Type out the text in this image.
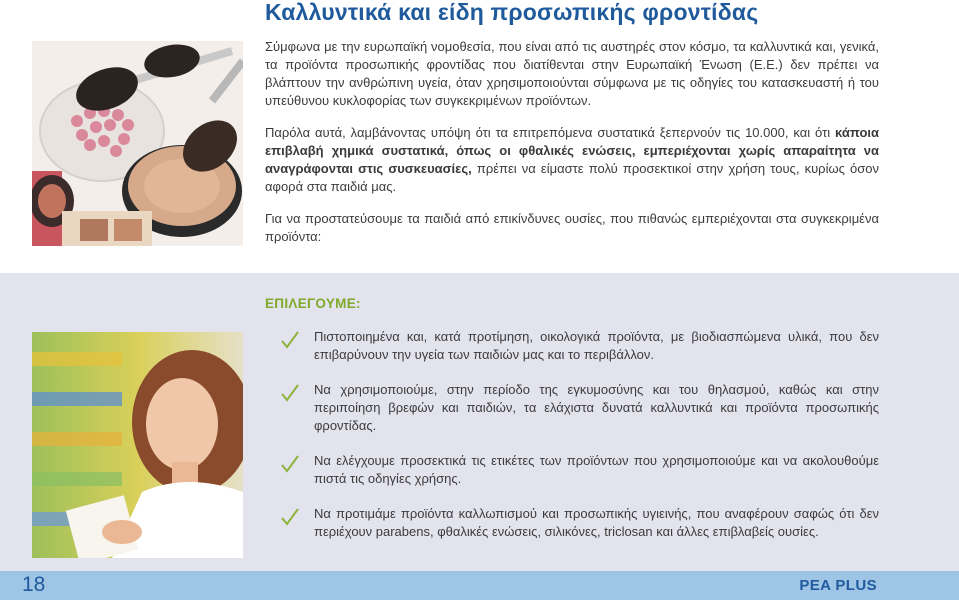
Καλλυντικά και είδη προσωπικής φροντίδας

Σύμφωνα με την ευρωπαϊκή νομοθεσία, που είναι από τις αυστηρές στον κόσμο, τα καλλυντικά και, γενικά, τα προϊόντα προσωπικής φροντίδας που διατίθενται στην Ευρωπαϊκή Ένωση (Ε.Ε.) δεν πρέπει να βλάπτουν την ανθρώπινη υγεία, όταν χρησιμοποιούνται σύμφωνα με τις οδηγίες του κατασκευαστή ή του υπεύθυνου κυκλοφορίας των συγκεκριμένων προϊόντων.

Παρόλα αυτά, λαμβάνοντας υπόψη ότι τα επιτρεπόμενα συστατικά ξεπερνούν τις 10.000, και ότι κάποια επιβλαβή χημικά συστατικά, όπως οι φθαλικές ενώσεις, εμπεριέχονται χωρίς απαραίτητα να αναγράφονται στις συσκευασίες, πρέπει να είμαστε πολύ προσεκτικοί στην χρήση τους, κυρίως όσον αφορά στα παιδιά μας.

Για να προστατεύσουμε τα παιδιά από επικίνδυνες ουσίες, που πιθανώς εμπεριέχονται στα συγκεκριμένα προϊόντα:

ΕΠΙΛΕΓΟΥΜΕ:
Πιστοποιημένα και, κατά προτίμηση, οικολογικά προϊόντα, με βιοδιασπώμενα υλικά, που δεν επιβαρύνουν την υγεία των παιδιών μας και το περιβάλλον.
Να χρησιμοποιούμε, στην περίοδο της εγκυμοσύνης και του θηλασμού, καθώς και στην περιποίηση βρεφών και παιδιών, τα ελάχιστα δυνατά καλλυντικά και προϊόντα προσωπικής φροντίδας.
Να ελέγχουμε προσεκτικά τις ετικέτες των προϊόντων που χρησιμοποιούμε και να ακολουθούμε πιστά τις οδηγίες χρήσης.
Να προτιμάμε προϊόντα καλλωπισμού και προσωπικής υγιεινής, που αναφέρουν σαφώς ότι δεν περιέχουν parabens, φθαλικές ενώσεις, σιλικόνες, triclosan και άλλες επιβλαβείς ουσίες.
18	PEA PLUS
